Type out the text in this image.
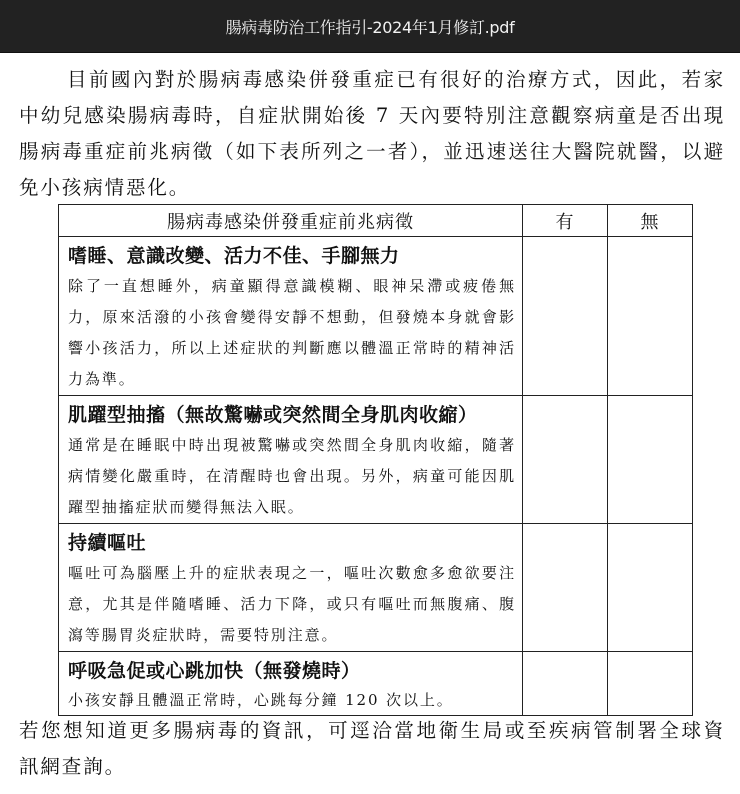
腸病毒防治工作指引-2024年1月修訂.pdf

目前國內對於腸病毒感染併發重症已有很好的治療方式，因此，若家中幼兒感染腸病毒時，自症狀開始後 7 天內要特別注意觀察病童是否出現腸病毒重症前兆病徵（如下表所列之一者），並迅速送往大醫院就醫，以避免小孩病情惡化。

腸病毒感染併發重症前兆病徵	有	無

嗜睡、意識改變、活力不佳、手腳無力
除了一直想睡外，病童顯得意識模糊、眼神呆滯或疲倦無力，原來活潑的小孩會變得安靜不想動，但發燒本身就會影響小孩活力，所以上述症狀的判斷應以體溫正常時的精神活力為準。		

肌躍型抽搐（無故驚嚇或突然間全身肌肉收縮）
通常是在睡眠中時出現被驚嚇或突然間全身肌肉收縮，隨著病情變化嚴重時，在清醒時也會出現。另外，病童可能因肌躍型抽搐症狀而變得無法入眠。		

持續嘔吐
嘔吐可為腦壓上升的症狀表現之一，嘔吐次數愈多愈欲要注意，尤其是伴隨嗜睡、活力下降，或只有嘔吐而無腹痛、腹瀉等腸胃炎症狀時，需要特別注意。		

呼吸急促或心跳加快（無發燒時）
小孩安靜且體溫正常時，心跳每分鐘 120 次以上。		

若您想知道更多腸病毒的資訊，可逕洽當地衛生局或至疾病管制署全球資訊網查詢。
